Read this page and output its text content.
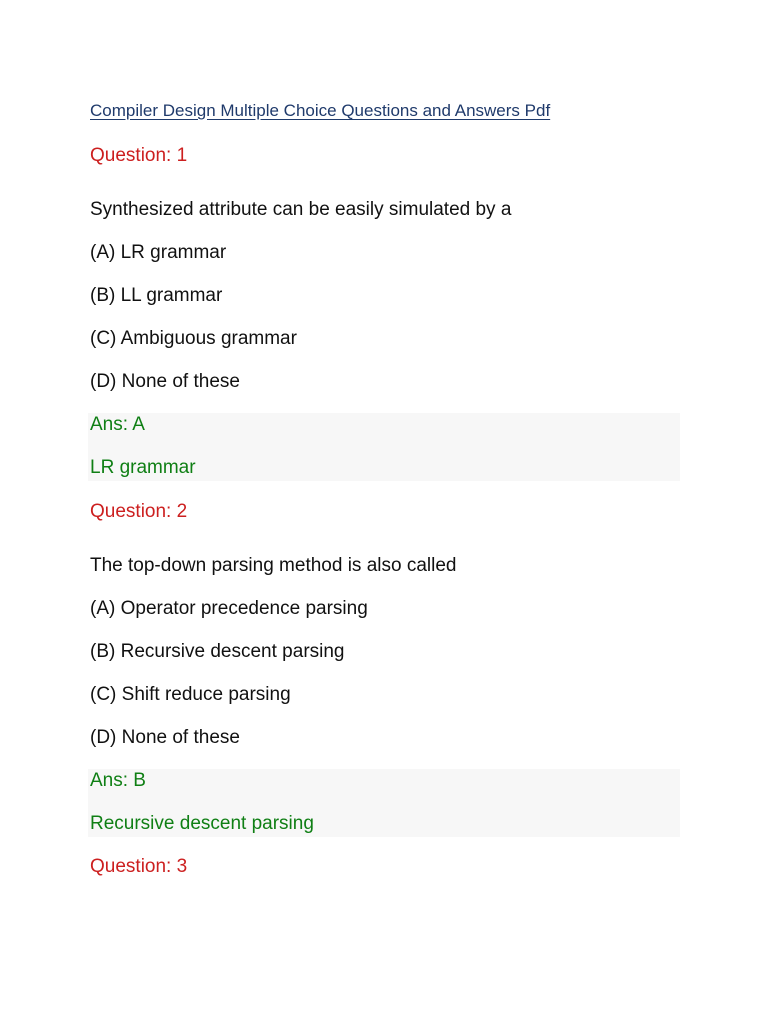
Compiler Design Multiple Choice Questions and Answers Pdf
Question: 1
Synthesized attribute can be easily simulated by a
(A) LR grammar
(B) LL grammar
(C) Ambiguous grammar
(D) None of these
Ans: A
LR grammar
Question: 2
The top-down parsing method is also called
(A) Operator precedence parsing
(B) Recursive descent parsing
(C) Shift reduce parsing
(D) None of these
Ans: B
Recursive descent parsing
Question: 3
